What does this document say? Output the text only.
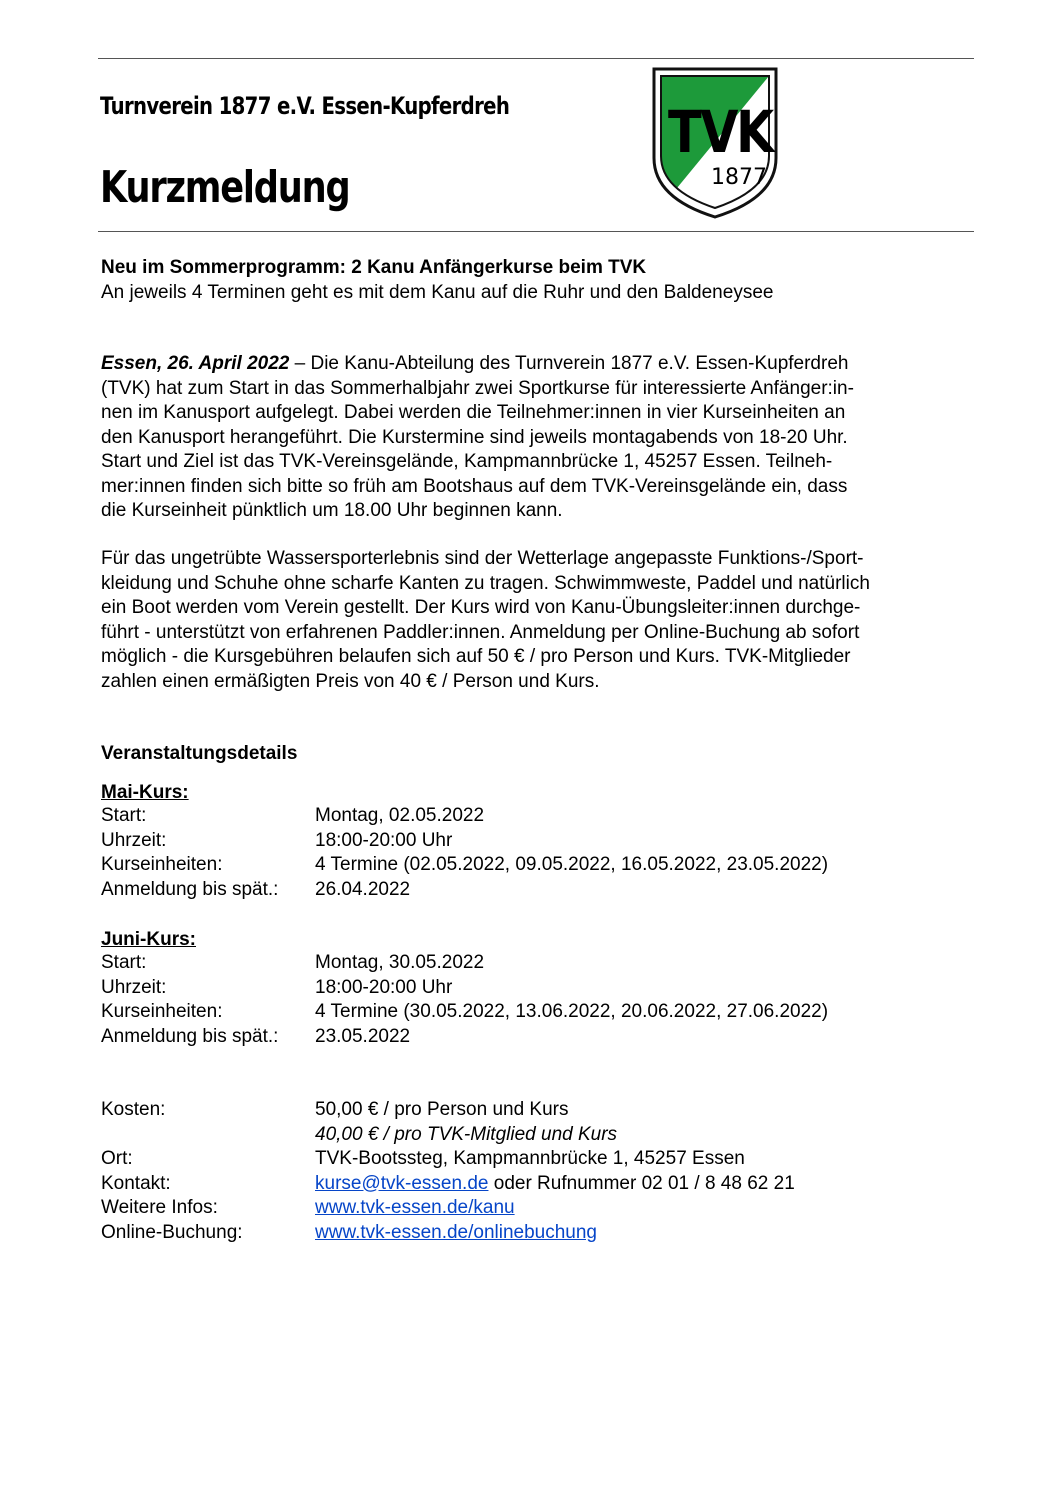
Turnverein 1877 e.V. Essen-Kupferdreh
Kurzmeldung
T
V
K
1877
Neu im Sommerprogramm: 2 Kanu Anfängerkurse beim TVK
An jeweils 4 Terminen geht es mit dem Kanu auf die Ruhr und den Baldeneysee
Essen, 26. April 2022 – Die Kanu-Abteilung des Turnverein 1877 e.V. Essen-Kupferdreh
(TVK) hat zum Start in das Sommerhalbjahr zwei Sportkurse für interessierte Anfänger:in-
nen im Kanusport aufgelegt. Dabei werden die Teilnehmer:innen in vier Kurseinheiten an
den Kanusport herangeführt. Die Kurstermine sind jeweils montagabends von 18-20 Uhr.
Start und Ziel ist das TVK-Vereinsgelände, Kampmannbrücke 1, 45257 Essen. Teilneh-
mer:innen finden sich bitte so früh am Bootshaus auf dem TVK-Vereinsgelände ein, dass
die Kurseinheit pünktlich um 18.00 Uhr beginnen kann.
Für das ungetrübte Wassersporterlebnis sind der Wetterlage angepasste Funktions-/Sport-
kleidung und Schuhe ohne scharfe Kanten zu tragen. Schwimmweste, Paddel und natürlich
ein Boot werden vom Verein gestellt. Der Kurs wird von Kanu-Übungsleiter:innen durchge-
führt - unterstützt von erfahrenen Paddler:innen. Anmeldung per Online-Buchung ab sofort
möglich - die Kursgebühren belaufen sich auf 50 € / pro Person und Kurs. TVK-Mitglieder
zahlen einen ermäßigten Preis von 40 € / Person und Kurs.
Veranstaltungsdetails
Mai-Kurs:
Start:	Montag, 02.05.2022
Uhrzeit:	18:00-20:00 Uhr
Kurseinheiten:	4 Termine (02.05.2022, 09.05.2022, 16.05.2022, 23.05.2022)
Anmeldung bis spät.: 26.04.2022
Juni-Kurs:
Start:	Montag, 30.05.2022
Uhrzeit:	18:00-20:00 Uhr
Kurseinheiten:	4 Termine (30.05.2022, 13.06.2022, 20.06.2022, 27.06.2022)
Anmeldung bis spät.: 23.05.2022
Kosten:	50,00 € / pro Person und Kurs
40,00 € / pro TVK-Mitglied und Kurs
Ort:	TVK-Bootssteg, Kampmannbrücke 1, 45257 Essen
Kontakt:	kurse@tvk-essen.de oder Rufnummer 02 01 / 8 48 62 21
Weitere Infos:	www.tvk-essen.de/kanu
Online-Buchung:	www.tvk-essen.de/onlinebuchung
